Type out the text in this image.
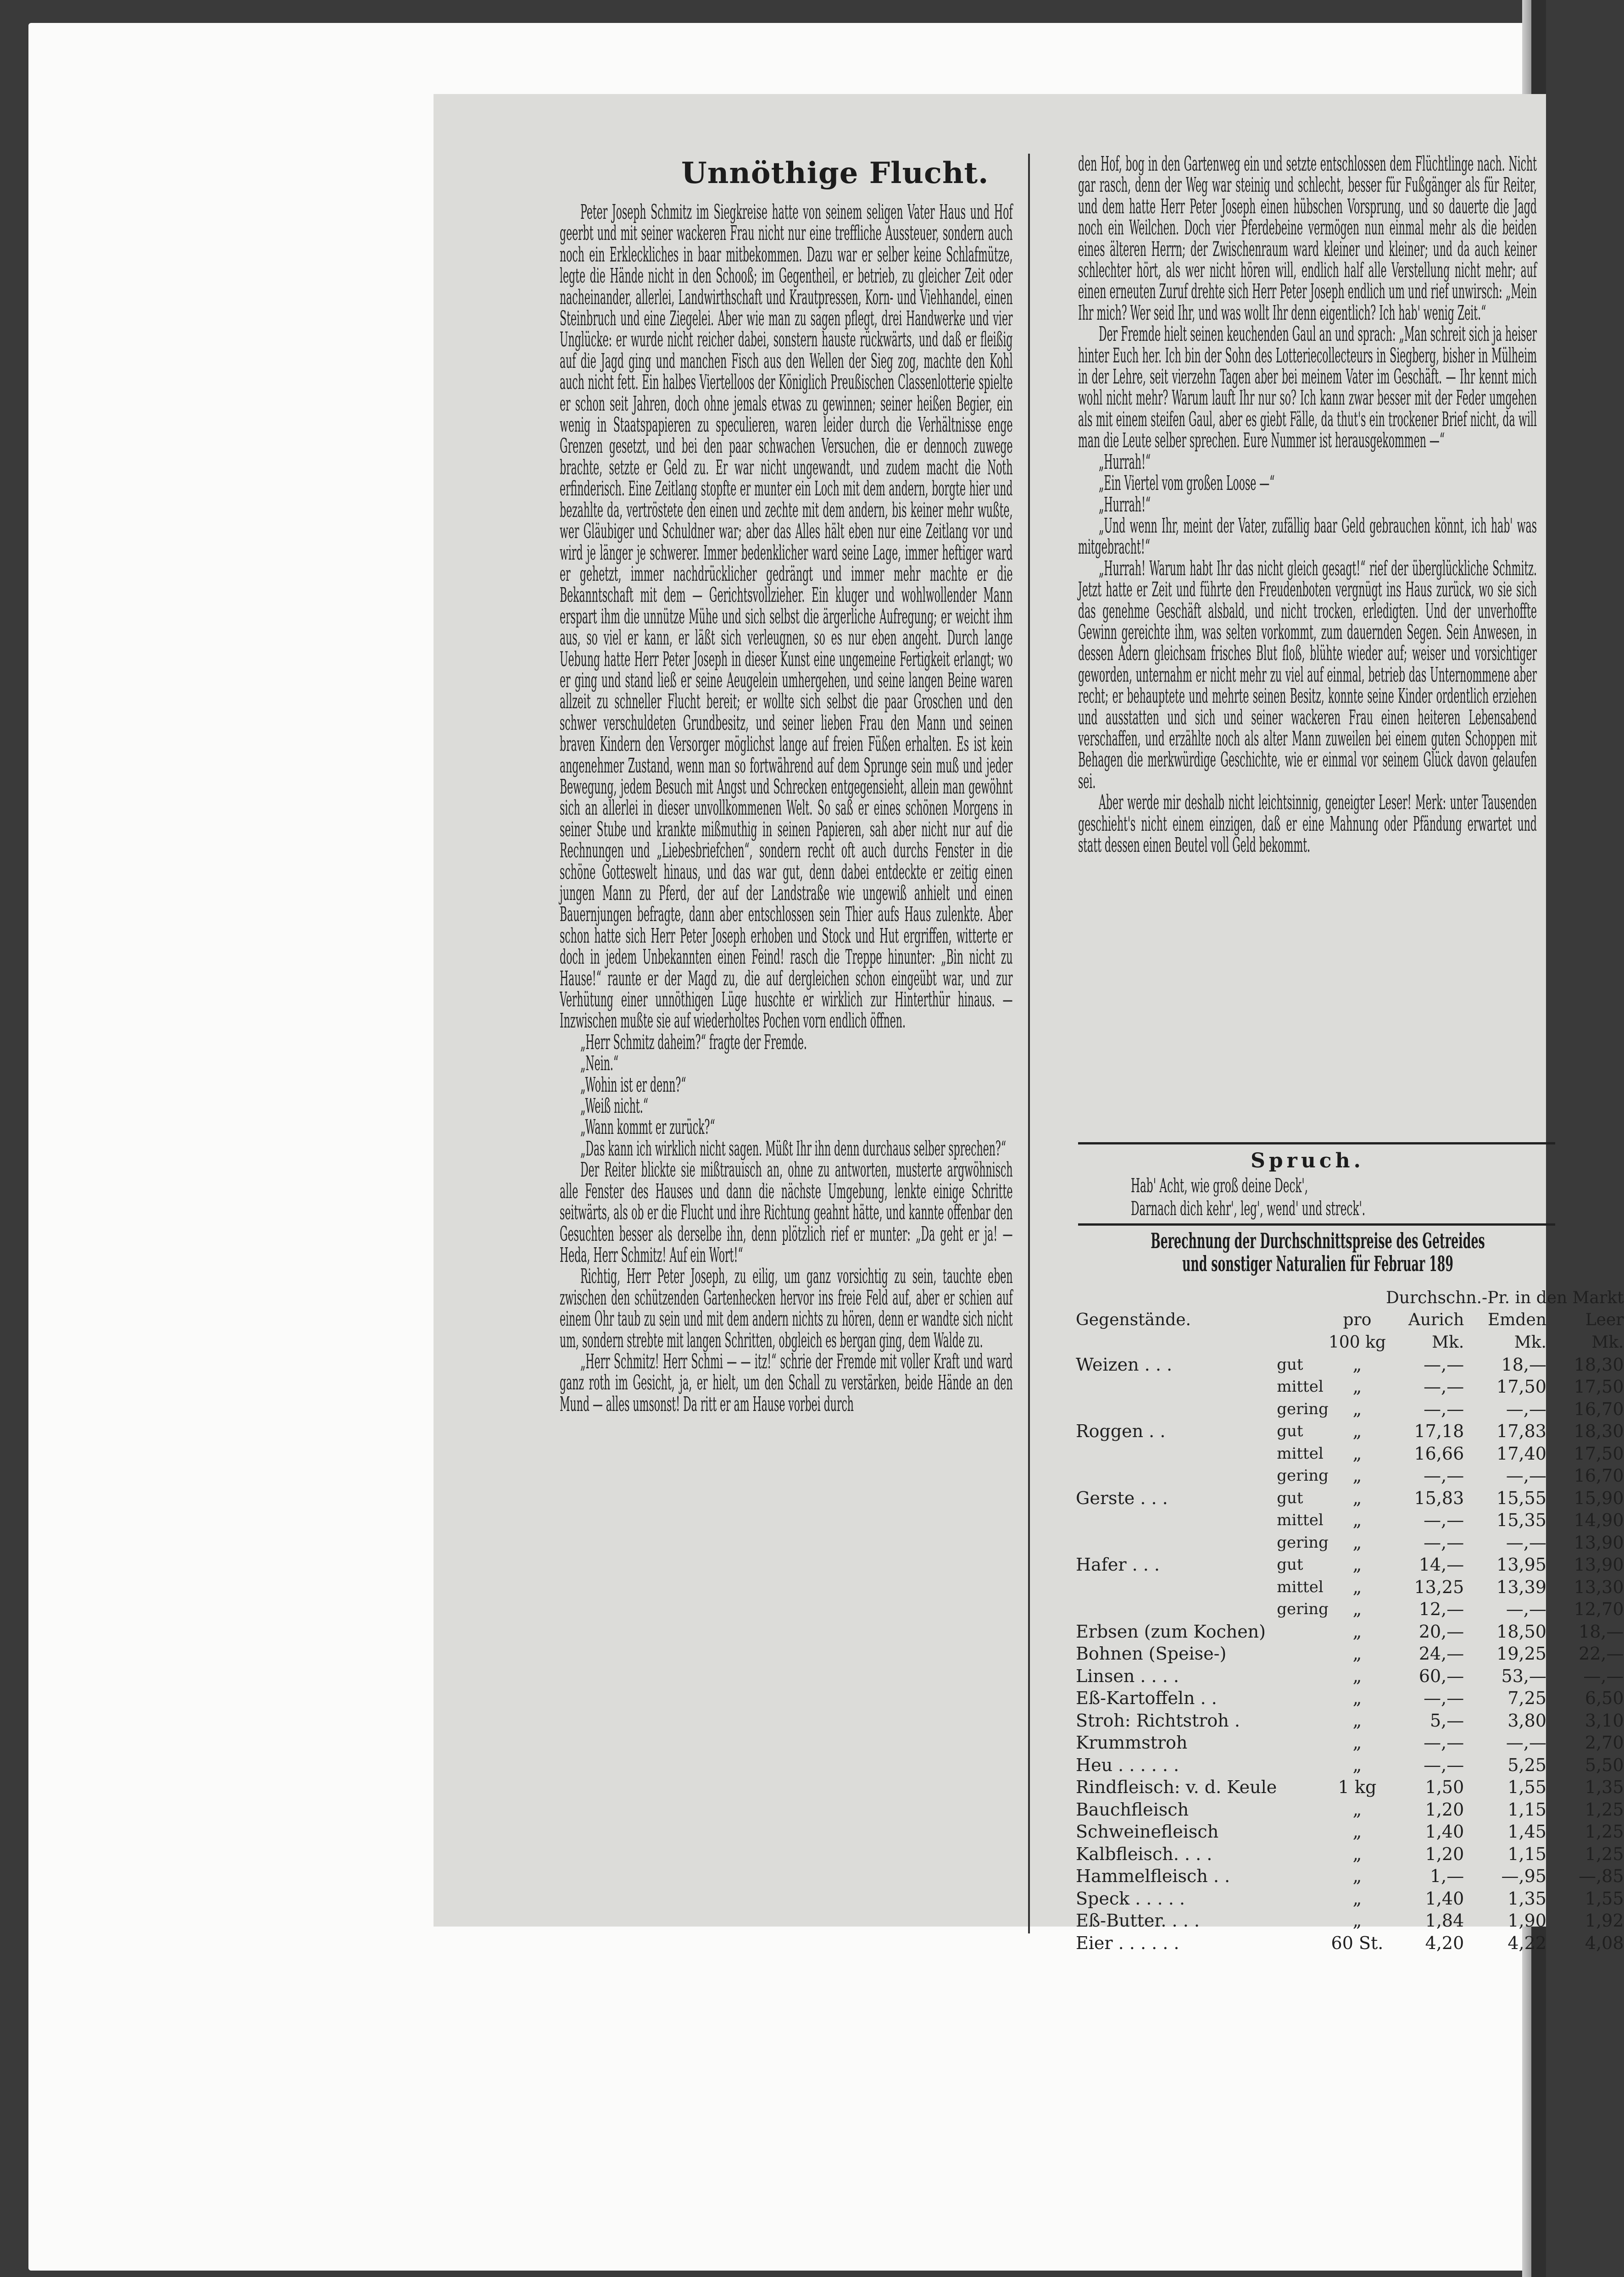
Unnöthige Flucht.

Peter Joseph Schmitz im Siegkreise hatte von seinem seligen Vater Haus und Hof geerbt und mit seiner wackeren Frau nicht nur eine treffliche Aussteuer, sondern auch noch ein Erkleckliches in baar mitbekommen. Dazu war er selber keine Schlafmütze, legte die Hände nicht in den Schooß; im Gegentheil, er betrieb, zu gleicher Zeit oder nacheinander, allerlei, Landwirthschaft und Krautpressen, Korn- und Viehhandel, einen Steinbruch und eine Ziegelei. Aber wie man zu sagen pflegt, drei Handwerke und vier Unglücke: er wurde nicht reicher dabei, sonstern hauste rückwärts, und daß er fleißig auf die Jagd ging und manchen Fisch aus den Wellen der Sieg zog, machte den Kohl auch nicht fett. Ein halbes Viertelloos der Königlich Preußischen Classenlotterie spielte er schon seit Jahren, doch ohne jemals etwas zu gewinnen; seiner heißen Begier, ein wenig in Staatspapieren zu speculieren, waren leider durch die Verhältnisse enge Grenzen gesetzt, und bei den paar schwachen Versuchen, die er dennoch zuwege brachte, setzte er Geld zu. Er war nicht ungewandt, und zudem macht die Noth erfinderisch. Eine Zeitlang stopfte er munter ein Loch mit dem andern, borgte hier und bezahlte da, vertröstete den einen und zechte mit dem andern, bis keiner mehr wußte, wer Gläubiger und Schuldner war; aber das Alles hält eben nur eine Zeitlang vor und wird je länger je schwerer. Immer bedenklicher ward seine Lage, immer heftiger ward er gehetzt, immer nachdrücklicher gedrängt und immer mehr machte er die Bekanntschaft mit dem — Gerichtsvollzieher. Ein kluger und wohlwollender Mann erspart ihm die unnütze Mühe und sich selbst die ärgerliche Aufregung; er weicht ihm aus, so viel er kann, er läßt sich verleugnen, so es nur eben angeht. Durch lange Uebung hatte Herr Peter Joseph in dieser Kunst eine ungemeine Fertigkeit erlangt; wo er ging und stand ließ er seine Aeugelein umhergehen, und seine langen Beine waren allzeit zu schneller Flucht bereit; er wollte sich selbst die paar Groschen und den schwer verschuldeten Grundbesitz, und seiner lieben Frau den Mann und seinen braven Kindern den Versorger möglichst lange auf freien Füßen erhalten. Es ist kein angenehmer Zustand, wenn man so fortwährend auf dem Sprunge sein muß und jeder Bewegung, jedem Besuch mit Angst und Schrecken entgegensieht, allein man gewöhnt sich an allerlei in dieser unvollkommenen Welt. So saß er eines schönen Morgens in seiner Stube und krankte mißmuthig in seinen Papieren, sah aber nicht nur auf die Rechnungen und „Liebesbriefchen“, sondern recht oft auch durchs Fenster in die schöne Gotteswelt hinaus, und das war gut, denn dabei entdeckte er zeitig einen jungen Mann zu Pferd, der auf der Landstraße wie ungewiß anhielt und einen Bauernjungen befragte, dann aber entschlossen sein Thier aufs Haus zulenkte. Aber schon hatte sich Herr Peter Joseph erhoben und Stock und Hut ergriffen, witterte er doch in jedem Unbekannten einen Feind! rasch die Treppe hinunter: „Bin nicht zu Hause!“ raunte er der Magd zu, die auf dergleichen schon eingeübt war, und zur Verhütung einer unnöthigen Lüge huschte er wirklich zur Hinterthür hinaus. — Inzwischen mußte sie auf wiederholtes Pochen vorn endlich öffnen.

„Herr Schmitz daheim?“ fragte der Fremde.

„Nein.“

„Wohin ist er denn?“

„Weiß nicht.“

„Wann kommt er zurück?“

„Das kann ich wirklich nicht sagen. Müßt Ihr ihn denn durchaus selber sprechen?“

Der Reiter blickte sie mißtrauisch an, ohne zu antworten, musterte argwöhnisch alle Fenster des Hauses und dann die nächste Umgebung, lenkte einige Schritte seitwärts, als ob er die Flucht und ihre Richtung geahnt hätte, und kannte offenbar den Gesuchten besser als derselbe ihn, denn plötzlich rief er munter: „Da geht er ja! — Heda, Herr Schmitz! Auf ein Wort!“

Richtig, Herr Peter Joseph, zu eilig, um ganz vorsichtig zu sein, tauchte eben zwischen den schützenden Gartenhecken hervor ins freie Feld auf, aber er schien auf einem Ohr taub zu sein und mit dem andern nichts zu hören, denn er wandte sich nicht um, sondern strebte mit langen Schritten, obgleich es bergan ging, dem Walde zu.

„Herr Schmitz! Herr Schmi — — itz!“ schrie der Fremde mit voller Kraft und ward ganz roth im Gesicht, ja, er hielt, um den Schall zu verstärken, beide Hände an den Mund — alles umsonst! Da ritt er am Hause vorbei durch

den Hof, bog in den Gartenweg ein und setzte entschlossen dem Flüchtlinge nach. Nicht gar rasch, denn der Weg war steinig und schlecht, besser für Fußgänger als für Reiter, und dem hatte Herr Peter Joseph einen hübschen Vorsprung, und so dauerte die Jagd noch ein Weilchen. Doch vier Pferdebeine vermögen nun einmal mehr als die beiden eines älteren Herrn; der Zwischenraum ward kleiner und kleiner; und da auch keiner schlechter hört, als wer nicht hören will, endlich half alle Verstellung nicht mehr; auf einen erneuten Zuruf drehte sich Herr Peter Joseph endlich um und rief unwirsch: „Mein Ihr mich? Wer seid Ihr, und was wollt Ihr denn eigentlich? Ich hab' wenig Zeit.“

Der Fremde hielt seinen keuchenden Gaul an und sprach: „Man schreit sich ja heiser hinter Euch her. Ich bin der Sohn des Lotteriecollecteurs in Siegberg, bisher in Mülheim in der Lehre, seit vierzehn Tagen aber bei meinem Vater im Geschäft. — Ihr kennt mich wohl nicht mehr? Warum lauft Ihr nur so? Ich kann zwar besser mit der Feder umgehen als mit einem steifen Gaul, aber es giebt Fälle, da thut's ein trockener Brief nicht, da will man die Leute selber sprechen. Eure Nummer ist herausgekommen —“

„Hurrah!“

„Ein Viertel vom großen Loose —“

„Hurrah!“

„Und wenn Ihr, meint der Vater, zufällig baar Geld gebrauchen könnt, ich hab' was mitgebracht!“

„Hurrah! Warum habt Ihr das nicht gleich gesagt!“ rief der überglückliche Schmitz. Jetzt hatte er Zeit und führte den Freudenboten vergnügt ins Haus zurück, wo sie sich das genehme Geschäft alsbald, und nicht trocken, erledigten. Und der unverhoffte Gewinn gereichte ihm, was selten vorkommt, zum dauernden Segen. Sein Anwesen, in dessen Adern gleichsam frisches Blut floß, blühte wieder auf; weiser und vorsichtiger geworden, unternahm er nicht mehr zu viel auf einmal, betrieb das Unternommene aber recht; er behauptete und mehrte seinen Besitz, konnte seine Kinder ordentlich erziehen und ausstatten und sich und seiner wackeren Frau einen heiteren Lebensabend verschaffen, und erzählte noch als alter Mann zuweilen bei einem guten Schoppen mit Behagen die merkwürdige Geschichte, wie er einmal vor seinem Glück davon gelaufen sei.

Aber werde mir deshalb nicht leichtsinnig, geneigter Leser! Merk: unter Tausenden geschieht's nicht einem einzigen, daß er eine Mahnung oder Pfändung erwartet und statt dessen einen Beutel voll Geld bekommt.

Spruch.
Hab' Acht, wie groß deine Deck',
Darnach dich kehr', leg', wend' und streck'.
Berechnung der Durchschnittspreise des Getreides
und sonstiger Naturalien für Februar 189
			Durchschn.-Pr. in den Markt		
Gegenstände.		pro	Aurich	Emden	Leer
		100 kg	Mk.	Mk.	Mk.
Weizen . . .	gut	„	—,—	18,—	18,30
	mittel	„	—,—	17,50	17,50
	gering	„	—,—	—,—	16,70
Roggen . .	gut	„	17,18	17,83	18,30
	mittel	„	16,66	17,40	17,50
	gering	„	—,—	—,—	16,70
Gerste . . .	gut	„	15,83	15,55	15,90
	mittel	„	—,—	15,35	14,90
	gering	„	—,—	—,—	13,90
Hafer . . .	gut	„	14,—	13,95	13,90
	mittel	„	13,25	13,39	13,30
	gering	„	12,—	—,—	12,70
Erbsen (zum Kochen)		„	20,—	18,50	18,—
Bohnen (Speise-)		„	24,—	19,25	22,—
Linsen . . . .		„	60,—	53,—	—,—
Eß-Kartoffeln . .		„	—,—	7,25	6,50
Stroh: Richtstroh .		„	5,—	3,80	3,10
Krummstroh		„	—,—	—,—	2,70
Heu . . . . . .		„	—,—	5,25	5,50
Rindfleisch: v. d. Keule		1 kg	1,50	1,55	1,35
Bauchfleisch		„	1,20	1,15	1,25
Schweinefleisch		„	1,40	1,45	1,25
Kalbfleisch. . . .		„	1,20	1,15	1,25
Hammelfleisch . .		„	1,—	—,95	—,85
Speck . . . . .		„	1,40	1,35	1,55
Eß-Butter. . . .		„	1,84	1,90	1,92
Eier . . . . . .		60 St.	4,20	4,22	4,08
